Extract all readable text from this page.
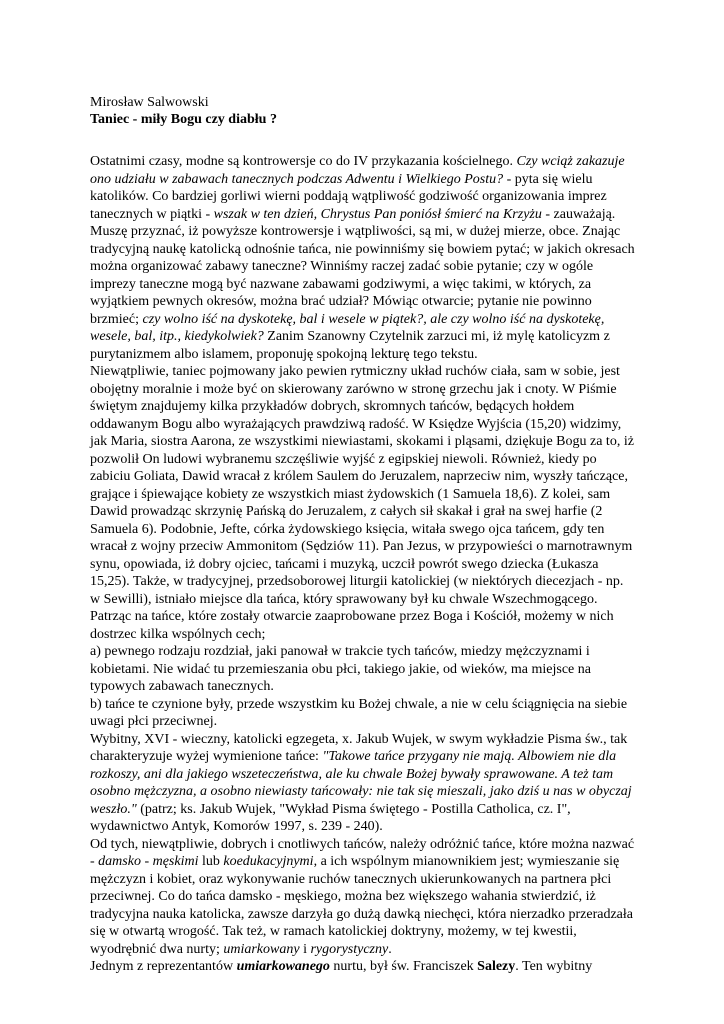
Mirosław Salwowski
Taniec - miły Bogu czy diabłu ?
Ostatnimi czasy, modne są kontrowersje co do IV przykazania kościelnego. Czy wciąż zakazuje
ono udziału w zabawach tanecznych podczas Adwentu i Wielkiego Postu? - pyta się wielu
katolików. Co bardziej gorliwi wierni poddają wątpliwość godziwość organizowania imprez
tanecznych w piątki - wszak w ten dzień, Chrystus Pan poniósł śmierć na Krzyżu - zauważają.
Muszę przyznać, iż powyższe kontrowersje i wątpliwości, są mi, w dużej mierze, obce. Znając
tradycyjną naukę katolicką odnośnie tańca, nie powinniśmy się bowiem pytać; w jakich okresach
można organizować zabawy taneczne? Winniśmy raczej zadać sobie pytanie; czy w ogóle
imprezy taneczne mogą być nazwane zabawami godziwymi, a więc takimi, w których, za
wyjątkiem pewnych okresów, można brać udział? Mówiąc otwarcie; pytanie nie powinno
brzmieć; czy wolno iść na dyskotekę, bal i wesele w piątek?, ale czy wolno iść na dyskotekę,
wesele, bal, itp., kiedykolwiek? Zanim Szanowny Czytelnik zarzuci mi, iż mylę katolicyzm z
purytanizmem albo islamem, proponuję spokojną lekturę tego tekstu.
Niewątpliwie, taniec pojmowany jako pewien rytmiczny układ ruchów ciała, sam w sobie, jest
obojętny moralnie i może być on skierowany zarówno w stronę grzechu jak i cnoty. W Piśmie
świętym znajdujemy kilka przykładów dobrych, skromnych tańców, będących hołdem
oddawanym Bogu albo wyrażających prawdziwą radość. W Księdze Wyjścia (15,20) widzimy,
jak Maria, siostra Aarona, ze wszystkimi niewiastami, skokami i pląsami, dziękuje Bogu za to, iż
pozwolił On ludowi wybranemu szczęśliwie wyjść z egipskiej niewoli. Również, kiedy po
zabiciu Goliata, Dawid wracał z królem Saulem do Jeruzalem, naprzeciw nim, wyszły tańczące,
grające i śpiewające kobiety ze wszystkich miast żydowskich (1 Samuela 18,6). Z kolei, sam
Dawid prowadząc skrzynię Pańską do Jeruzalem, z całych sił skakał i grał na swej harfie (2
Samuela 6). Podobnie, Jefte, córka żydowskiego księcia, witała swego ojca tańcem, gdy ten
wracał z wojny przeciw Ammonitom (Sędziów 11). Pan Jezus, w przypowieści o marnotrawnym
synu, opowiada, iż dobry ojciec, tańcami i muzyką, uczcił powrót swego dziecka (Łukasza
15,25). Także, w tradycyjnej, przedsoborowej liturgii katolickiej (w niektórych diecezjach - np.
w Sewilli), istniało miejsce dla tańca, który sprawowany był ku chwale Wszechmogącego.
Patrząc na tańce, które zostały otwarcie zaaprobowane przez Boga i Kościół, możemy w nich
dostrzec kilka wspólnych cech;
a) pewnego rodzaju rozdział, jaki panował w trakcie tych tańców, miedzy mężczyznami i
kobietami. Nie widać tu przemieszania obu płci, takiego jakie, od wieków, ma miejsce na
typowych zabawach tanecznych.
b) tańce te czynione były, przede wszystkim ku Bożej chwale, a nie w celu ściągnięcia na siebie
uwagi płci przeciwnej.
Wybitny, XVI - wieczny, katolicki egzegeta, x. Jakub Wujek, w swym wykładzie Pisma św., tak
charakteryzuje wyżej wymienione tańce: "Takowe tańce przygany nie mają. Albowiem nie dla
rozkoszy, ani dla jakiego wszeteczeństwa, ale ku chwale Bożej bywały sprawowane. A też tam
osobno mężczyzna, a osobno niewiasty tańcowały: nie tak się mieszali, jako dziś u nas w obyczaj
weszło." (patrz; ks. Jakub Wujek, "Wykład Pisma świętego - Postilla Catholica, cz. I",
wydawnictwo Antyk, Komorów 1997, s. 239 - 240).
Od tych, niewątpliwie, dobrych i cnotliwych tańców, należy odróżnić tańce, które można nazwać
- damsko - męskimi lub koedukacyjnymi, a ich wspólnym mianownikiem jest; wymieszanie się
mężczyzn i kobiet, oraz wykonywanie ruchów tanecznych ukierunkowanych na partnera płci
przeciwnej. Co do tańca damsko - męskiego, można bez większego wahania stwierdzić, iż
tradycyjna nauka katolicka, zawsze darzyła go dużą dawką niechęci, która nierzadko przeradzała
się w otwartą wrogość. Tak też, w ramach katolickiej doktryny, możemy, w tej kwestii,
wyodrębnić dwa nurty; umiarkowany i rygorystyczny.
Jednym z reprezentantów umiarkowanego nurtu, był św. Franciszek Salezy. Ten wybitny
